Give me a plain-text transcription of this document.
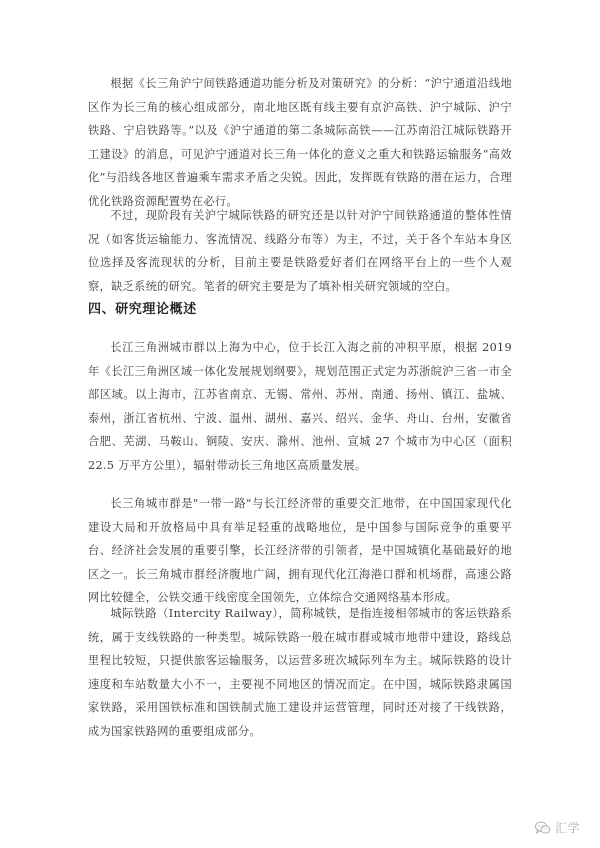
根据《长三角沪宁间铁路通道功能分析及对策研究》的分析：“沪宁通道沿线地区作为长三角的核心组成部分，南北地区既有线主要有京沪高铁、沪宁城际、沪宁铁路、宁启铁路等。”以及《沪宁通道的第二条城际高铁——江苏南沿江城际铁路开工建设》的消息，可见沪宁通道对长三角一体化的意义之重大和铁路运输服务“高效化”与沿线各地区普遍乘车需求矛盾之尖锐。因此，发挥既有铁路的潜在运力，合理优化铁路资源配置势在必行。

不过，现阶段有关沪宁城际铁路的研究还是以针对沪宁间铁路通道的整体性情况（如客货运输能力、客流情况、线路分布等）为主，不过，关于各个车站本身区位选择及客流现状的分析，目前主要是铁路爱好者们在网络平台上的一些个人观察，缺乏系统的研究。笔者的研究主要是为了填补相关研究领域的空白。

四、研究理论概述

长江三角洲城市群以上海为中心，位于长江入海之前的冲积平原，根据 2019 年《长江三角洲区域一体化发展规划纲要》，规划范围正式定为苏浙皖沪三省一市全部区域。以上海市，江苏省南京、无锡、常州、苏州、南通、扬州、镇江、盐城、泰州，浙江省杭州、宁波、温州、湖州、嘉兴、绍兴、金华、舟山、台州，安徽省合肥、芜湖、马鞍山、铜陵、安庆、滁州、池州、宣城 27 个城市为中心区（面积 22.5 万平方公里），辐射带动长三角地区高质量发展。

长三角城市群是"一带一路"与长江经济带的重要交汇地带，在中国国家现代化建设大局和开放格局中具有举足轻重的战略地位，是中国参与国际竞争的重要平台、经济社会发展的重要引擎，长江经济带的引领者，是中国城镇化基础最好的地区之一。长三角城市群经济腹地广阔，拥有现代化江海港口群和机场群，高速公路网比较健全，公铁交通干线密度全国领先，立体综合交通网络基本形成。

城际铁路（Intercity Railway），简称城铁，是指连接相邻城市的客运铁路系统，属于支线铁路的一种类型。城际铁路一般在城市群或城市地带中建设，路线总里程比较短，只提供旅客运输服务，以运营多班次城际列车为主。城际铁路的设计速度和车站数量大小不一，主要视不同地区的情况而定。在中国，城际铁路隶属国家铁路，采用国铁标准和国铁制式施工建设并运营管理，同时还对接了干线铁路，成为国家铁路网的重要组成部分。

汇学
